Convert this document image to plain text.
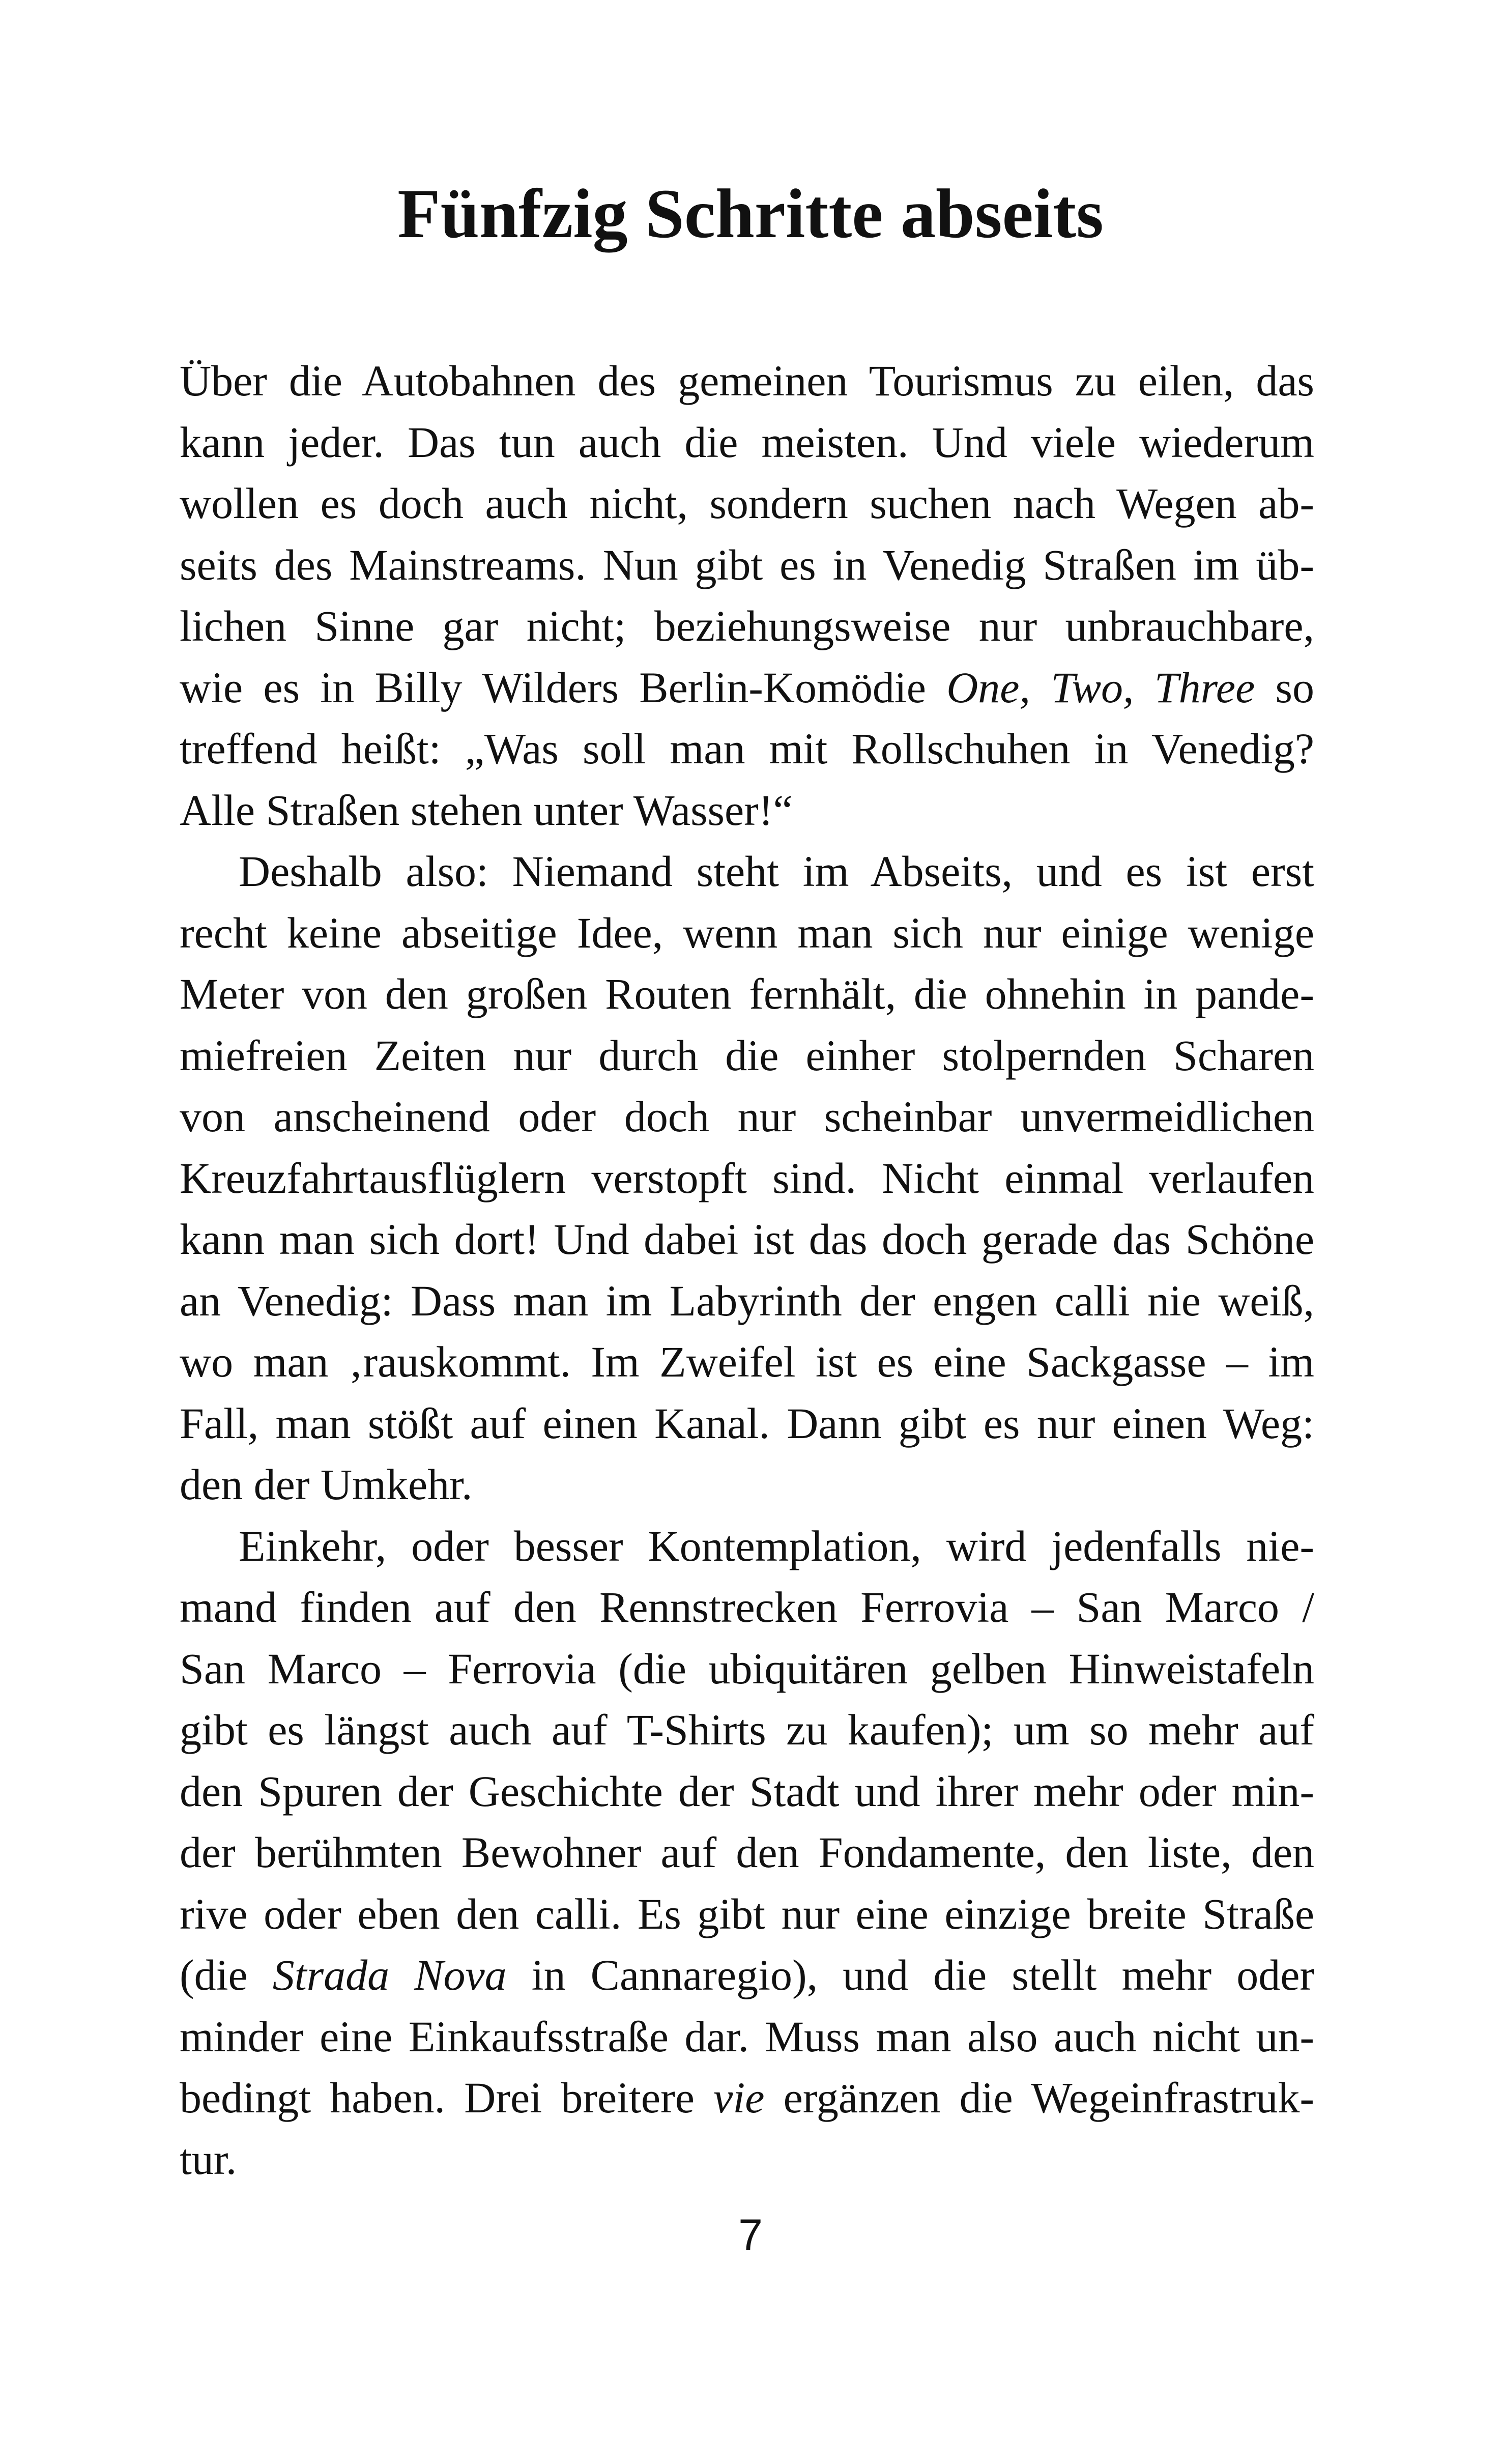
Fünfzig Schritte abseits
Über die Autobahnen des gemeinen Tourismus zu eilen, das
kann jeder. Das tun auch die meisten. Und viele wiederum
wollen es doch auch nicht, sondern suchen nach Wegen ab-
seits des Mainstreams. Nun gibt es in Venedig Straßen im üb-
lichen Sinne gar nicht; beziehungsweise nur unbrauchbare,
wie es in Billy Wilders Berlin-Komödie One, Two, Three so
treffend heißt: „Was soll man mit Rollschuhen in Venedig?
Alle Straßen stehen unter Wasser!“
Deshalb also: Niemand steht im Abseits, und es ist erst
recht keine abseitige Idee, wenn man sich nur einige wenige
Meter von den großen Routen fernhält, die ohnehin in pande-
miefreien Zeiten nur durch die einher stolpernden Scharen
von anscheinend oder doch nur scheinbar unvermeidlichen
Kreuzfahrtausflüglern verstopft sind. Nicht einmal verlaufen
kann man sich dort! Und dabei ist das doch gerade das Schöne
an Venedig: Dass man im Labyrinth der engen calli nie weiß,
wo man ‚rauskommt. Im Zweifel ist es eine Sackgasse – im
Fall, man stößt auf einen Kanal. Dann gibt es nur einen Weg:
den der Umkehr.
Einkehr, oder besser Kontemplation, wird jedenfalls nie-
mand finden auf den Rennstrecken Ferrovia – San Marco /
San Marco – Ferrovia (die ubiquitären gelben Hinweistafeln
gibt es längst auch auf T-Shirts zu kaufen); um so mehr auf
den Spuren der Geschichte der Stadt und ihrer mehr oder min-
der berühmten Bewohner auf den Fondamente, den liste, den
rive oder eben den calli. Es gibt nur eine einzige breite Straße
(die Strada Nova in Cannaregio), und die stellt mehr oder
minder eine Einkaufsstraße dar. Muss man also auch nicht un-
bedingt haben. Drei breitere vie ergänzen die Wegeinfrastruk-
tur.
7
